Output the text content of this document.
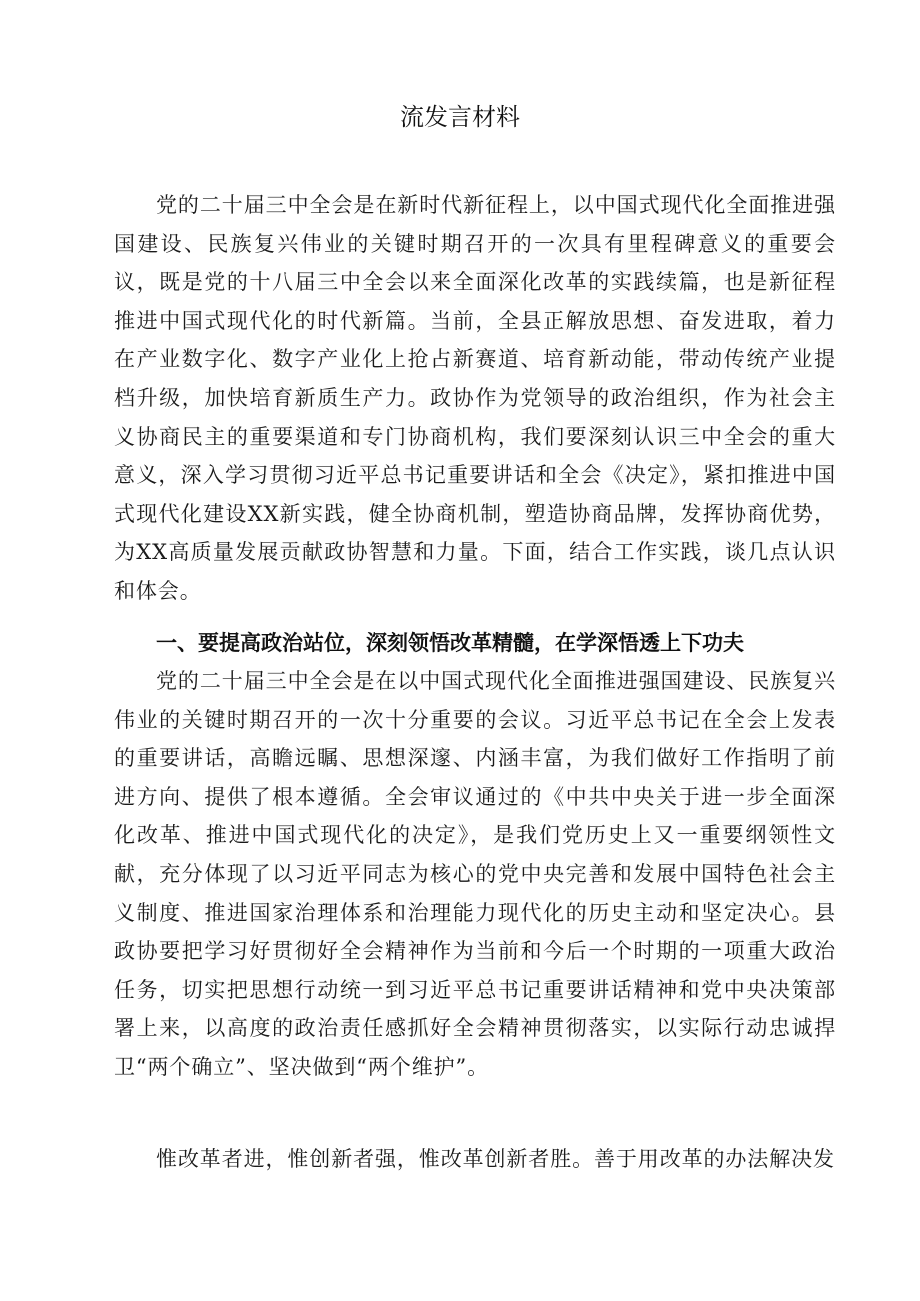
流发言材料

党的二十届三中全会是在新时代新征程上，以中国式现代化全面推进强国建设、民族复兴伟业的关键时期召开的一次具有里程碑意义的重要会议，既是党的十八届三中全会以来全面深化改革的实践续篇，也是新征程推进中国式现代化的时代新篇。当前，全县正解放思想、奋发进取，着力在产业数字化、数字产业化上抢占新赛道、培育新动能，带动传统产业提档升级，加快培育新质生产力。政协作为党领导的政治组织，作为社会主义协商民主的重要渠道和专门协商机构，我们要深刻认识三中全会的重大意义，深入学习贯彻习近平总书记重要讲话和全会《决定》，紧扣推进中国式现代化建设XX新实践，健全协商机制，塑造协商品牌，发挥协商优势，为XX高质量发展贡献政协智慧和力量。下面，结合工作实践，谈几点认识和体会。

一、要提高政治站位，深刻领悟改革精髓，在学深悟透上下功夫

党的二十届三中全会是在以中国式现代化全面推进强国建设、民族复兴伟业的关键时期召开的一次十分重要的会议。习近平总书记在全会上发表的重要讲话，高瞻远瞩、思想深邃、内涵丰富，为我们做好工作指明了前进方向、提供了根本遵循。全会审议通过的《中共中央关于进一步全面深化改革、推进中国式现代化的决定》，是我们党历史上又一重要纲领性文献，充分体现了以习近平同志为核心的党中央完善和发展中国特色社会主义制度、推进国家治理体系和治理能力现代化的历史主动和坚定决心。县政协要把学习好贯彻好全会精神作为当前和今后一个时期的一项重大政治任务，切实把思想行动统一到习近平总书记重要讲话精神和党中央决策部署上来，以高度的政治责任感抓好全会精神贯彻落实，以实际行动忠诚捍卫“两个确立”、坚决做到“两个维护”。

惟改革者进，惟创新者强，惟改革创新者胜。善于用改革的办法解决发
